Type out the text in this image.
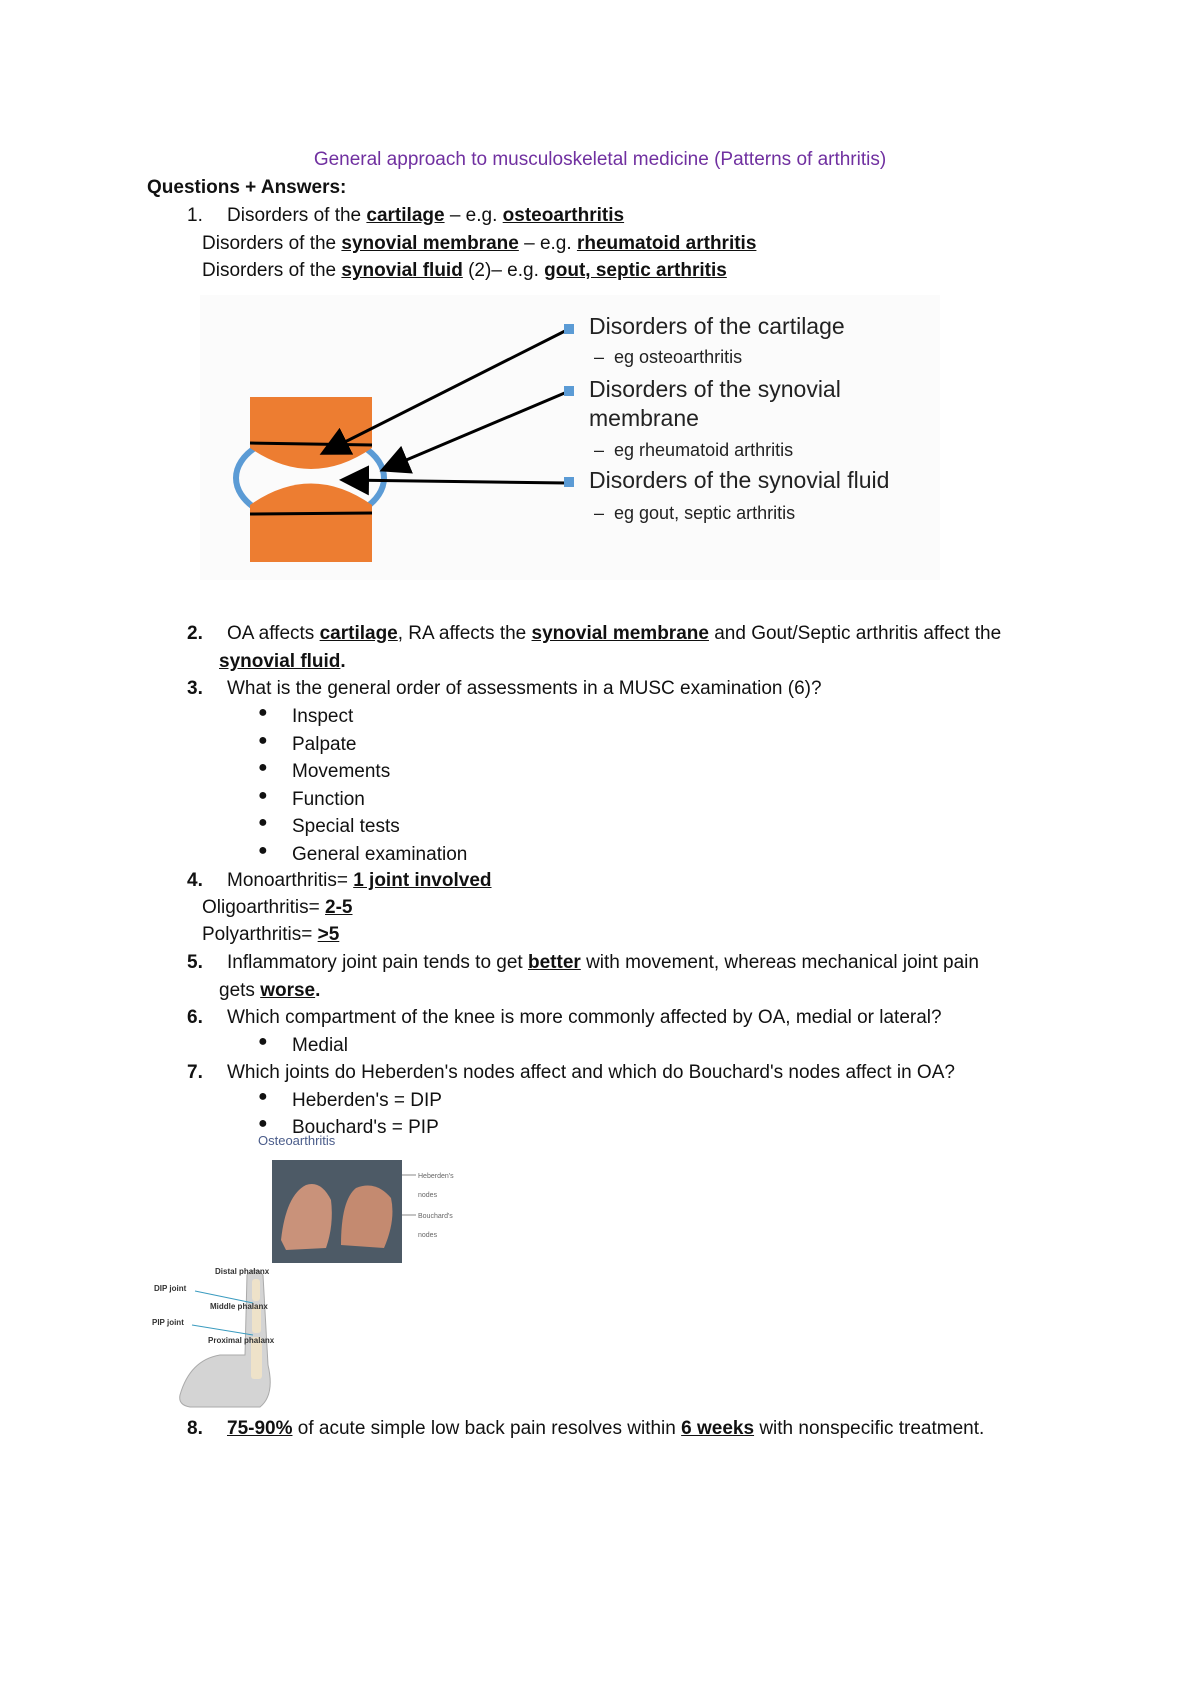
General approach to musculoskeletal medicine (Patterns of arthritis)
Questions + Answers:
1. Disorders of the cartilage – e.g. osteoarthritis
Disorders of the synovial membrane – e.g. rheumatoid arthritis
Disorders of the synovial fluid (2)– e.g. gout, septic arthritis
Disorders of the cartilage
– eg osteoarthritis
Disorders of the synovial
membrane
– eg rheumatoid arthritis
Disorders of the synovial fluid
– eg gout, septic arthritis
2. OA affects cartilage, RA affects the synovial membrane and Gout/Septic arthritis affect the
synovial fluid.
3. What is the general order of assessments in a MUSC examination (6)?
● Inspect
● Palpate
● Movements
● Function
● Special tests
● General examination
4. Monoarthritis= 1 joint involved
Oligoarthritis= 2-5
Polyarthritis= >5
5. Inflammatory joint pain tends to get better with movement, whereas mechanical joint pain
gets worse.
6. Which compartment of the knee is more commonly affected by OA, medial or lateral?
● Medial
7. Which joints do Heberden's nodes affect and which do Bouchard's nodes affect in OA?
● Heberden's = DIP
● Bouchard's = PIP
Osteoarthritis
Heberden's
nodes
Bouchard's
nodes
Distal phalanx
DIP joint
Middle phalanx
PIP joint
Proximal phalanx
8. 75-90% of acute simple low back pain resolves within 6 weeks with nonspecific treatment.
